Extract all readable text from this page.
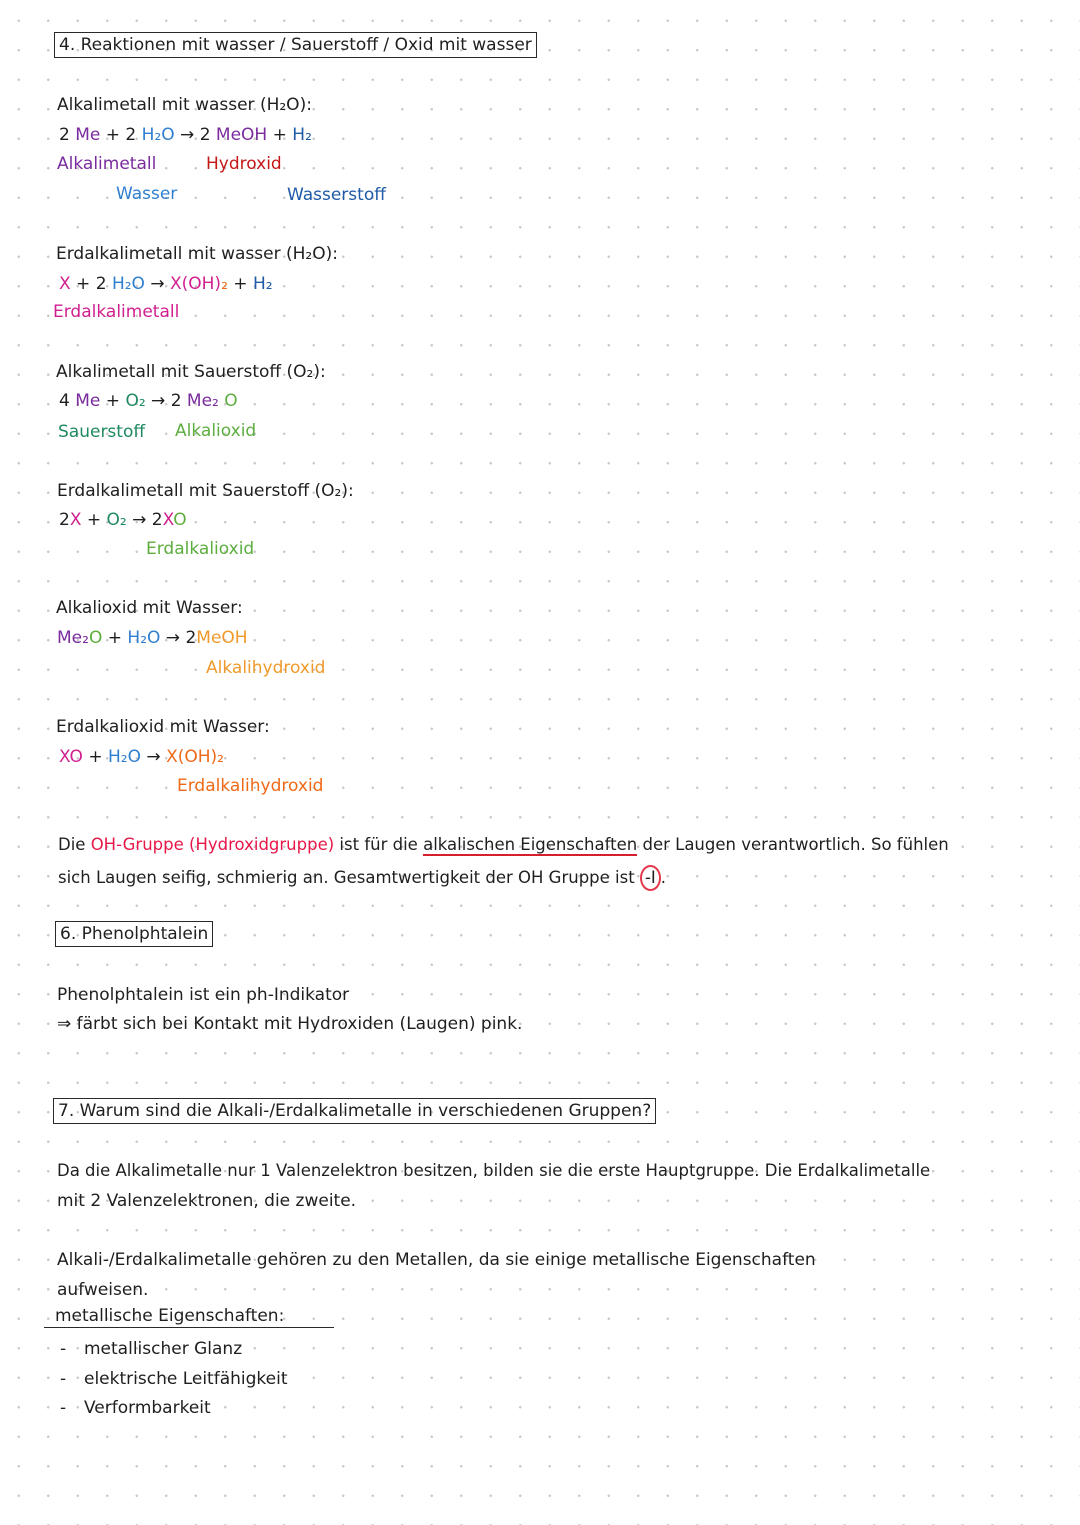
4. Reaktionen mit wasser / Sauerstoff / Oxid mit wasser
Alkalimetall mit wasser (H₂O):
2 Me + 2 H₂O → 2 MeOH + H₂
Alkalimetall	Hydroxid
Wasser	Wasserstoff
Erdalkalimetall mit wasser (H₂O):
X + 2 H₂O → X(OH)₂ + H₂
Erdalkalimetall
Alkalimetall mit Sauerstoff (O₂):
4 Me + O₂ → 2 Me₂ O
Sauerstoff Alkalioxid
Erdalkalimetall mit Sauerstoff (O₂):
2X + O₂ → 2XO
Erdalkalioxid
Alkalioxid mit Wasser:
Me₂O + H₂O → 2MeOH
Alkalihydroxid
Erdalkalioxid mit Wasser:
XO + H₂O → X(OH)₂
Erdalkalihydroxid
Die OH-Gruppe (Hydroxidgruppe) ist für die alkalischen Eigenschaften der Laugen verantwortlich. So fühlen
sich Laugen seifig, schmierig an. Gesamtwertigkeit der OH Gruppe ist -I .
6. Phenolphtalein
Phenolphtalein ist ein ph-Indikator
⇒ färbt sich bei Kontakt mit Hydroxiden (Laugen) pink.
7. Warum sind die Alkali-/Erdalkalimetalle in verschiedenen Gruppen?
Da die Alkalimetalle nur 1 Valenzelektron besitzen, bilden sie die erste Hauptgruppe. Die Erdalkalimetalle
mit 2 Valenzelektronen, die zweite.
Alkali-/Erdalkalimetalle gehören zu den Metallen, da sie einige metallische Eigenschaften
aufweisen.
metallische Eigenschaften:
- metallischer Glanz
- elektrische Leitfähigkeit
- Verformbarkeit
